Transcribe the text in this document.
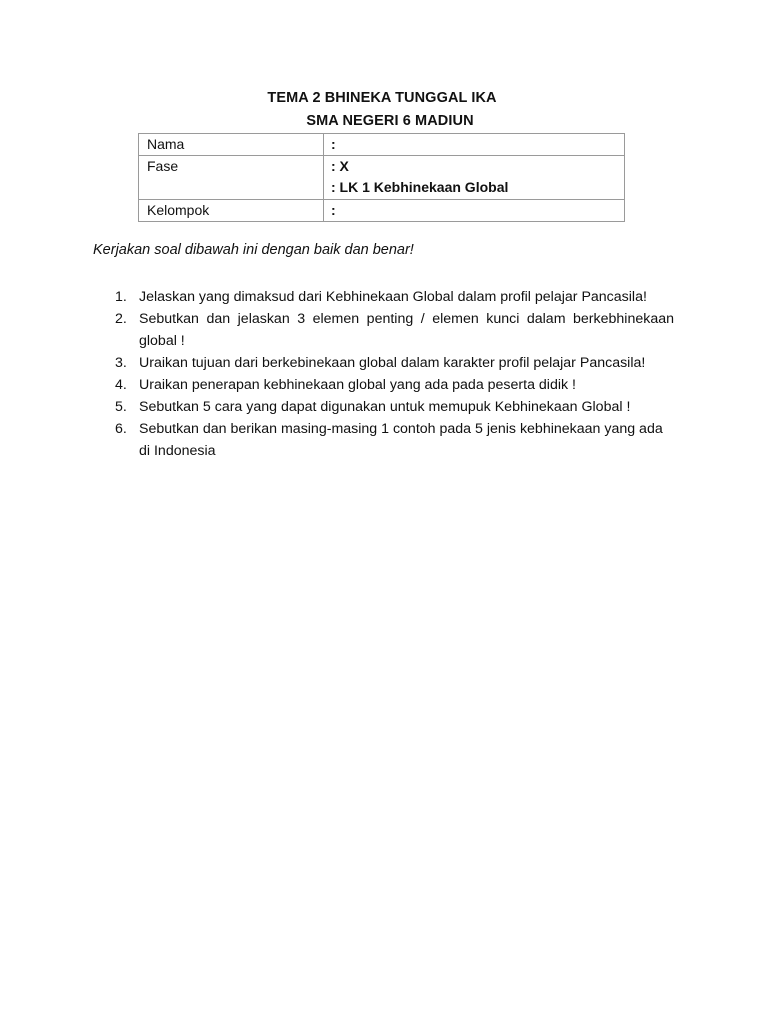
TEMA 2 BHINEKA TUNGGAL IKA
SMA NEGERI 6 MADIUN
Nama	:

Fase	: X
: LK 1 Kebhinekaan Global

Kelompok	:
Kerjakan soal dibawah ini dengan baik dan benar!
1. Jelaskan yang dimaksud dari Kebhinekaan Global dalam profil pelajar Pancasila!
2. Sebutkan dan jelaskan 3 elemen penting / elemen kunci dalam berkebhinekaan global !
3. Uraikan tujuan dari berkebinekaan global dalam karakter profil pelajar Pancasila!
4. Uraikan penerapan kebhinekaan global yang ada pada peserta didik !
5. Sebutkan 5 cara yang dapat digunakan untuk memupuk Kebhinekaan Global !
6. Sebutkan dan berikan masing-masing 1 contoh pada 5 jenis kebhinekaan yang ada di Indonesia
